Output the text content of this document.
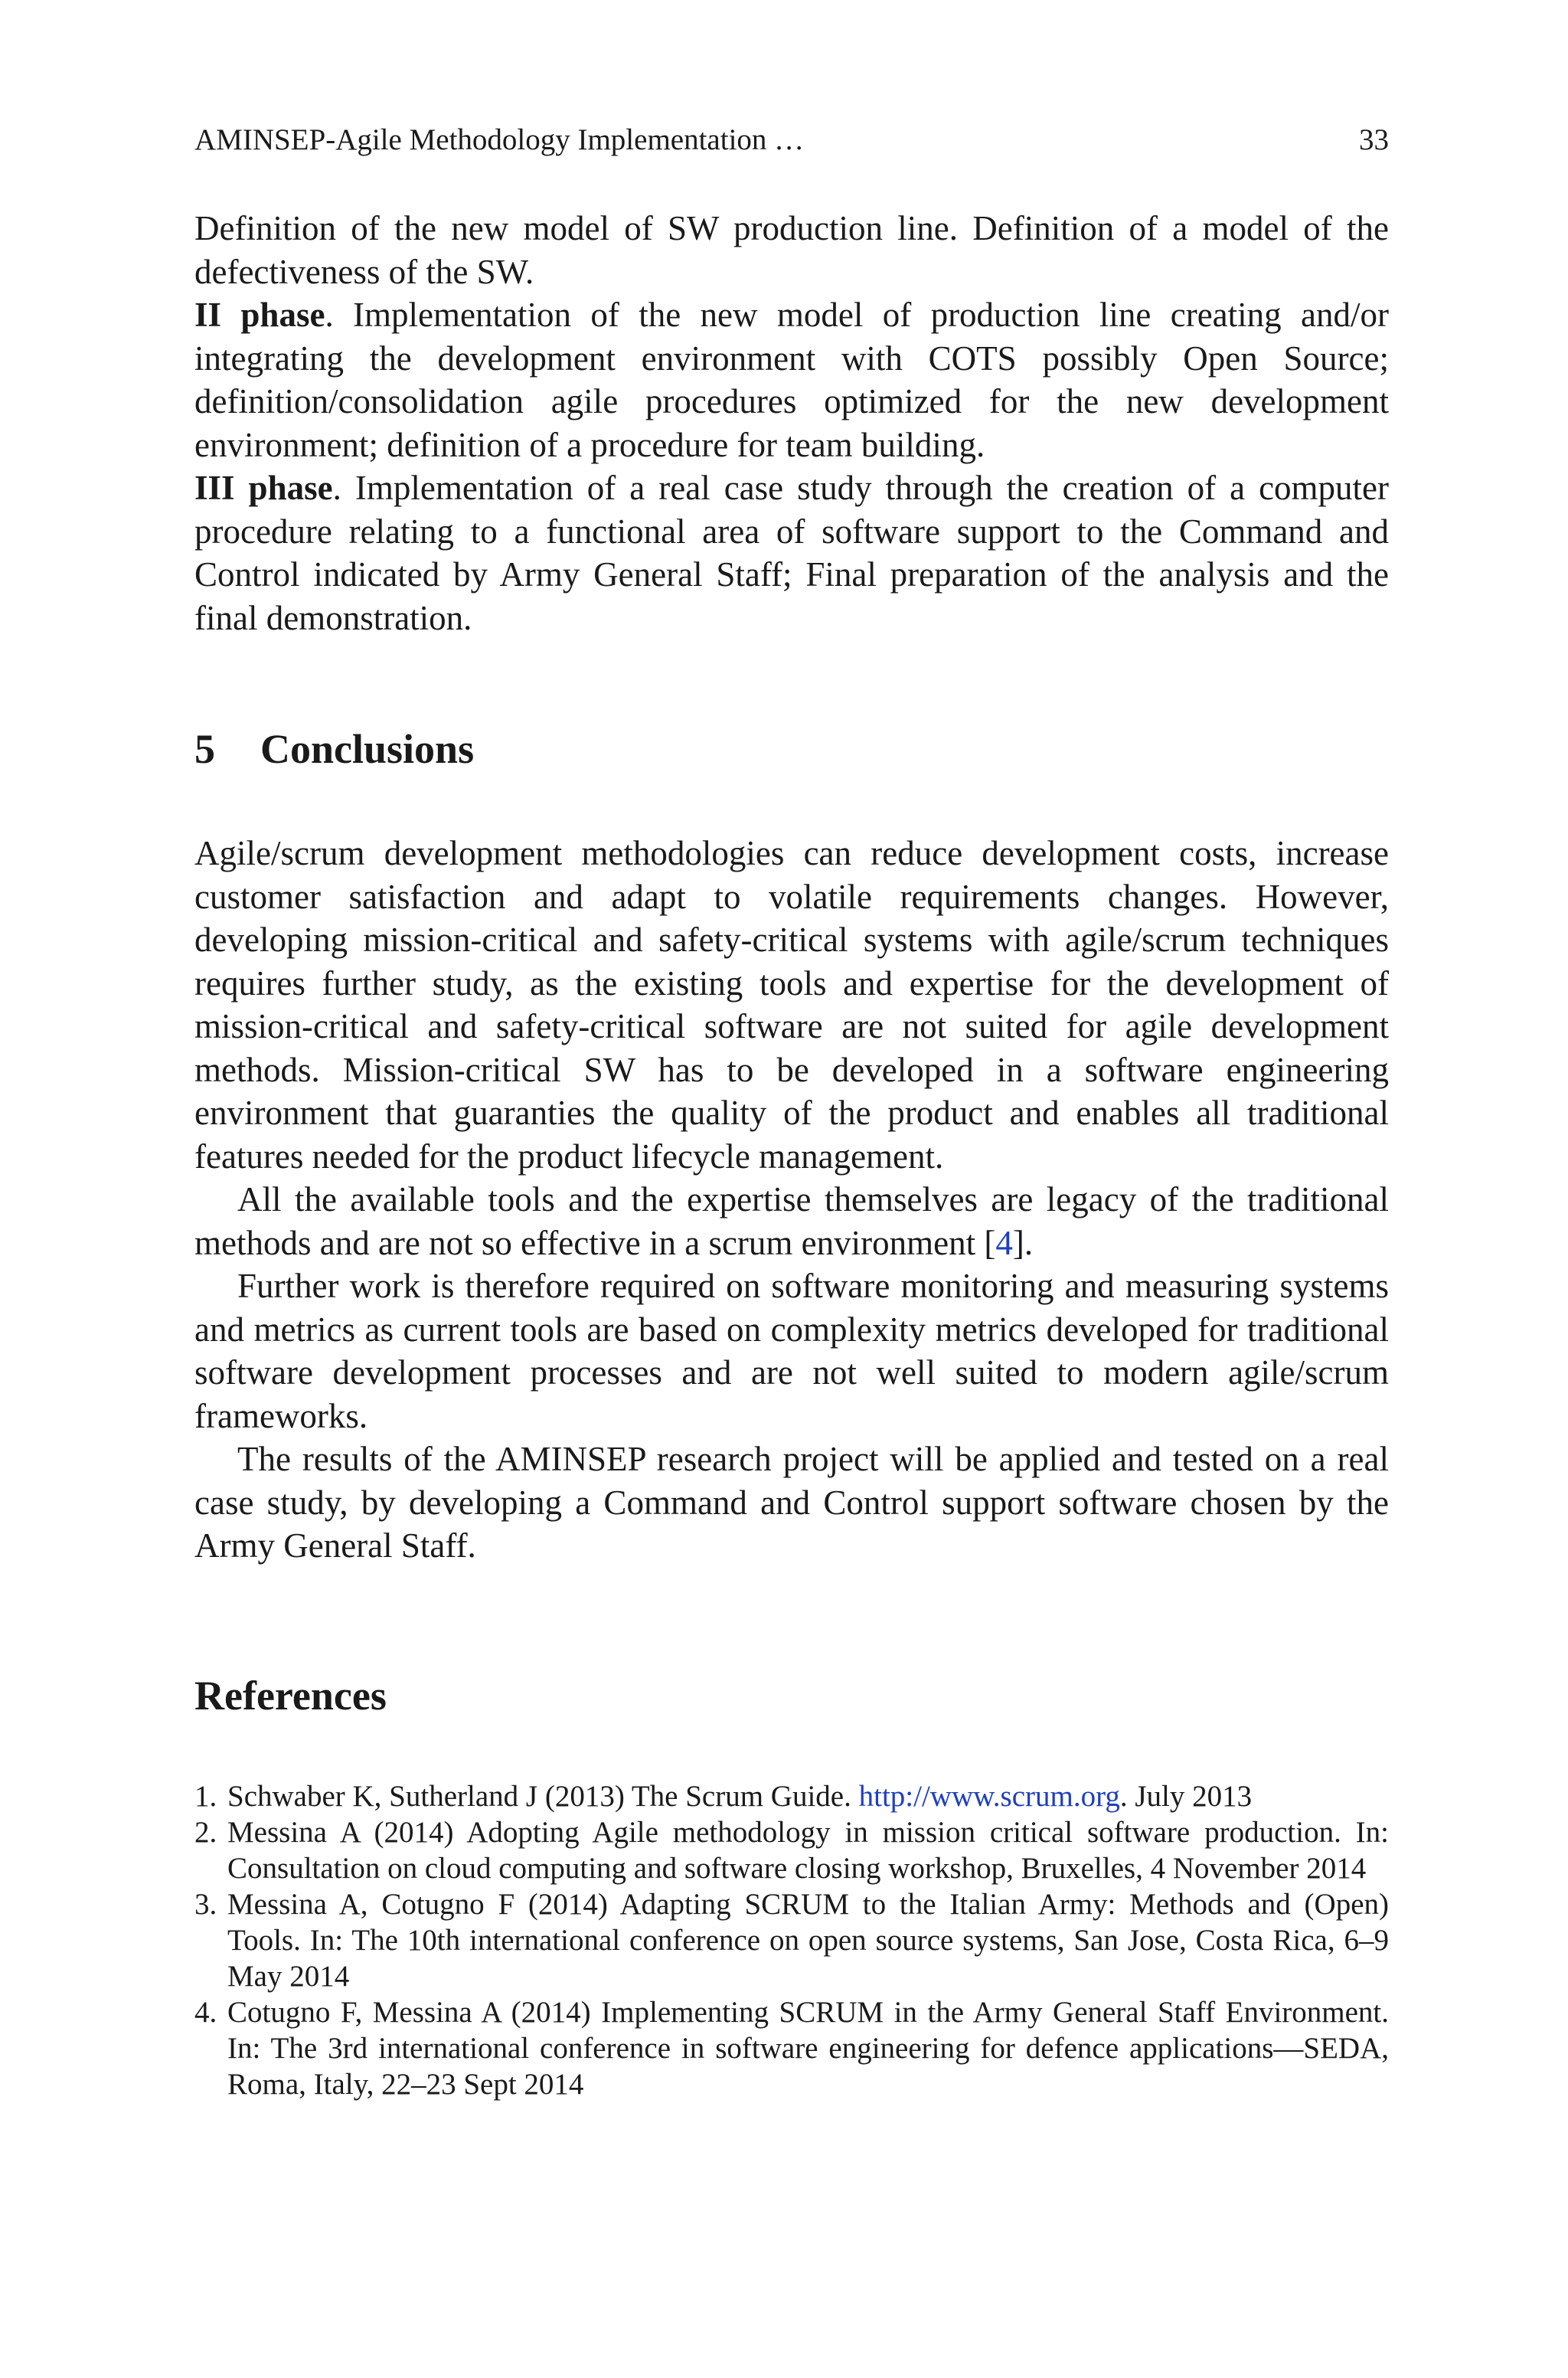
AMINSEP-Agile Methodology Implementation …	33

Definition of the new model of SW production line. Definition of a model of the defectiveness of the SW.

II phase. Implementation of the new model of production line creating and/or integrating the development environment with COTS possibly Open Source; definition/consolidation agile procedures optimized for the new development environment; definition of a procedure for team building.

III phase. Implementation of a real case study through the creation of a computer procedure relating to a functional area of software support to the Command and Control indicated by Army General Staff; Final preparation of the analysis and the final demonstration.

5 Conclusions

Agile/scrum development methodologies can reduce development costs, increase customer satisfaction and adapt to volatile requirements changes. However, developing mission-critical and safety-critical systems with agile/scrum techniques requires further study, as the existing tools and expertise for the development of mission-critical and safety-critical software are not suited for agile development methods. Mission-critical SW has to be developed in a software engineering environment that guaranties the quality of the product and enables all traditional features needed for the product lifecycle management.

All the available tools and the expertise themselves are legacy of the traditional methods and are not so effective in a scrum environment [4].

Further work is therefore required on software monitoring and measuring systems and metrics as current tools are based on complexity metrics developed for traditional software development processes and are not well suited to modern agile/scrum frameworks.

The results of the AMINSEP research project will be applied and tested on a real case study, by developing a Command and Control support software chosen by the Army General Staff.

References
1. Schwaber K, Sutherland J (2013) The Scrum Guide. http://www.scrum.org. July 2013
2. Messina A (2014) Adopting Agile methodology in mission critical software production. In: Consultation on cloud computing and software closing workshop, Bruxelles, 4 November 2014
3. Messina A, Cotugno F (2014) Adapting SCRUM to the Italian Army: Methods and (Open) Tools. In: The 10th international conference on open source systems, San Jose, Costa Rica, 6–9 May 2014
4. Cotugno F, Messina A (2014) Implementing SCRUM in the Army General Staff Environment. In: The 3rd international conference in software engineering for defence applications—SEDA, Roma, Italy, 22–23 Sept 2014
